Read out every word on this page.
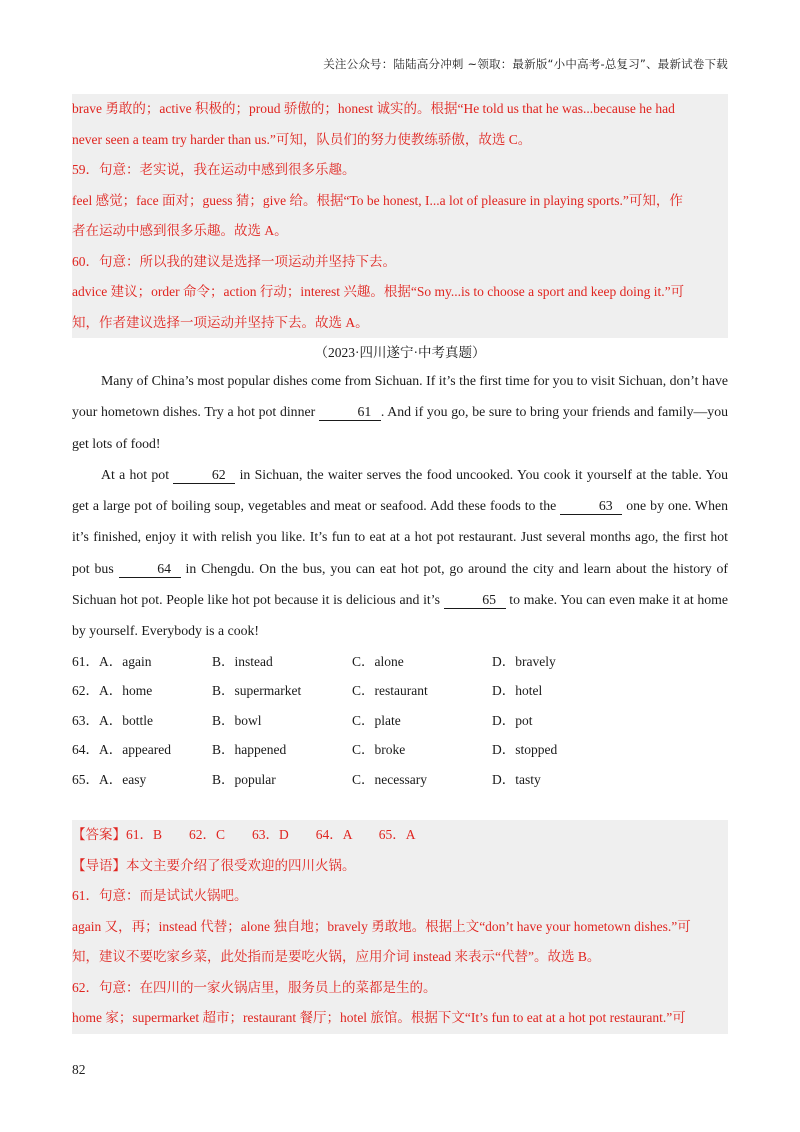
关注公众号：陆陆高分冲刺 ~领取：最新版“小中高考-总复习”、最新试卷下载

brave 勇敢的；active 积极的；proud 骄傲的；honest 诚实的。根据“He told us that he was...because he had

never seen a team try harder than us.”可知，队员们的努力使教练骄傲，故选 C。

59．句意：老实说，我在运动中感到很多乐趣。

feel 感觉；face 面对；guess 猜；give 给。根据“To be honest, I...a lot of pleasure in playing sports.”可知，作

者在运动中感到很多乐趣。故选 A。

60．句意：所以我的建议是选择一项运动并坚持下去。

advice 建议；order 命令；action 行动；interest 兴趣。根据“So my...is to choose a sport and keep doing it.”可

知，作者建议选择一项运动并坚持下去。故选 A。

（2023·四川遂宁·中考真题）

Many of China’s most popular dishes come from Sichuan. If it’s the first time for you to visit Sichuan, don’t have your hometown dishes. Try a hot pot dinner	61 . And if you go, be sure to bring your friends and family—you get lots of food!

At a hot pot	62 in Sichuan, the waiter serves the food uncooked. You cook it yourself at the table. You get a large pot of boiling soup, vegetables and meat or seafood. Add these foods to the	63 one by one. When it’s finished, enjoy it with relish you like. It’s fun to eat at a hot pot restaurant. Just several months ago, the first hot pot bus	64 in Chengdu. On the bus, you can eat hot pot, go around the city and learn about the history of Sichuan hot pot. People like hot pot because it is delicious and it’s	65 to make. You can even make it at home by yourself. Everybody is a cook!

61．A．again	B．instead	C．alone	D．bravely
62．A．home	B．supermarket	C．restaurant	D．hotel
63．A．bottle	B．bowl	C．plate	D．pot
64．A．appeared	B．happened	C．broke	D．stopped
65．A．easy	B．popular	C．necessary	D．tasty

【答案】61．B　　62．C　　63．D　　64．A　　65．A

【导语】本文主要介绍了很受欢迎的四川火锅。

61．句意：而是试试火锅吧。

again 又，再；instead 代替；alone 独自地；bravely 勇敢地。根据上文“don’t have your hometown dishes.”可

知，建议不要吃家乡菜，此处指而是要吃火锅，应用介词 instead 来表示“代替”。故选 B。

62．句意：在四川的一家火锅店里，服务员上的菜都是生的。

home 家；supermarket 超市；restaurant 餐厅；hotel 旅馆。根据下文“It’s fun to eat at a hot pot restaurant.”可

82
